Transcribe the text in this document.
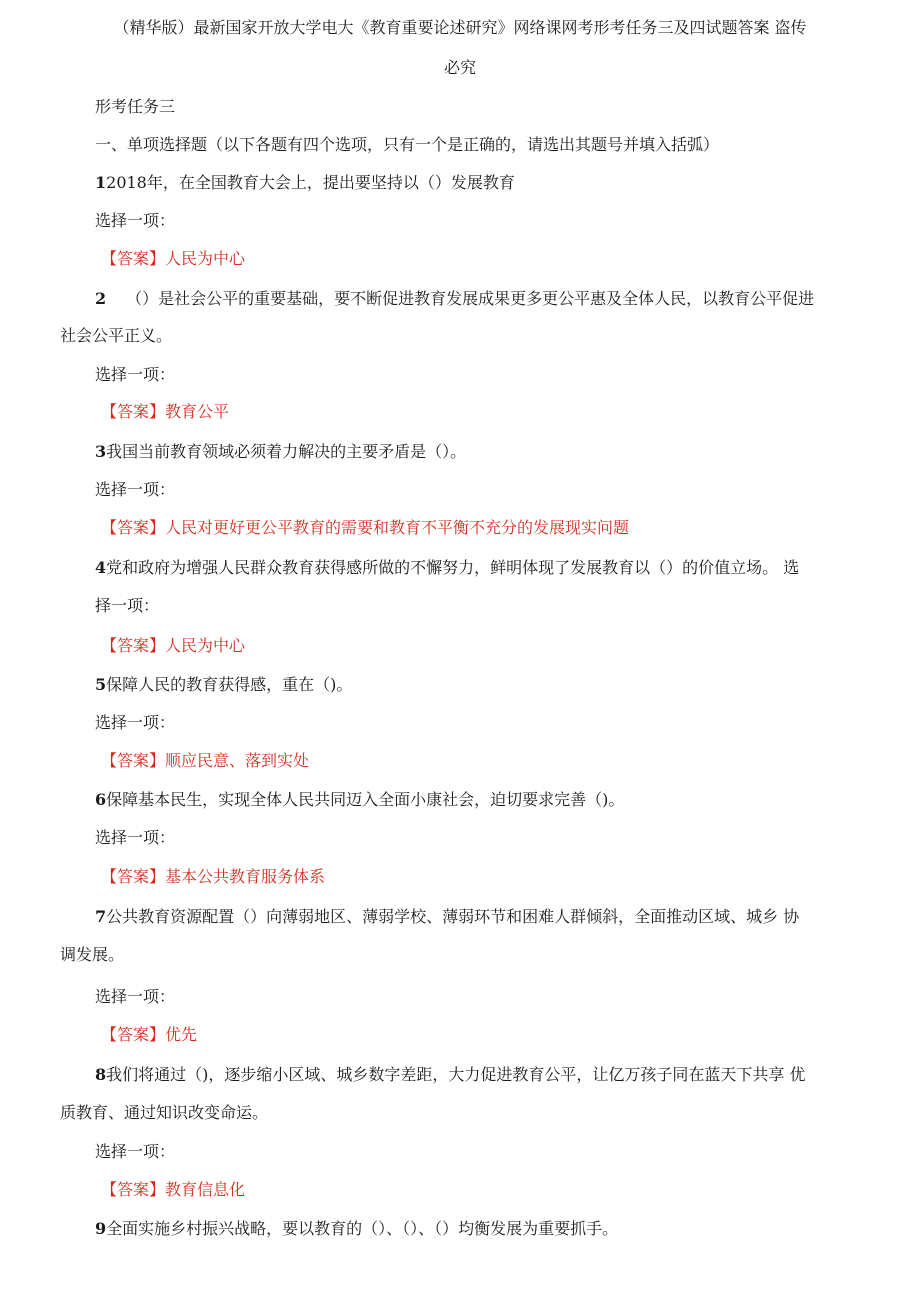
（精华版）最新国家开放大学电大《教育重要论述研究》网络课网考形考任务三及四试题答案 盗传
必究
形考任务三
一、单项选择题（以下各题有四个选项，只有一个是正确的，请选出其题号并填入括弧）
12018年，在全国教育大会上，提出要坚持以（）发展教育
选择一项：
【答案】人民为中心
2 （）是社会公平的重要基础，要不断促进教育发展成果更多更公平惠及全体人民，以教育公平促进
社会公平正义。
选择一项：
【答案】教育公平
3我国当前教育领域必须着力解决的主要矛盾是（）。
选择一项：
【答案】人民对更好更公平教育的需要和教育不平衡不充分的发展现实问题
4党和政府为增强人民群众教育获得感所做的不懈努力，鲜明体现了发展教育以（）的价值立场。 选
择一项：
【答案】人民为中心
5保障人民的教育获得感，重在（)。
选择一项：
【答案】顺应民意、落到实处
6保障基本民生，实现全体人民共同迈入全面小康社会，迫切要求完善（)。
选择一项：
【答案】基本公共教育服务体系
7公共教育资源配置（）向薄弱地区、薄弱学校、薄弱环节和困难人群倾斜，全面推动区域、城乡 协
调发展。
选择一项：
【答案】优先
8我们将通过（)，逐步缩小区域、城乡数字差距，大力促进教育公平，让亿万孩子同在蓝天下共享 优
质教育、通过知识改变命运。
选择一项：
【答案】教育信息化
9全面实施乡村振兴战略，要以教育的（）、（）、（）均衡发展为重要抓手。
